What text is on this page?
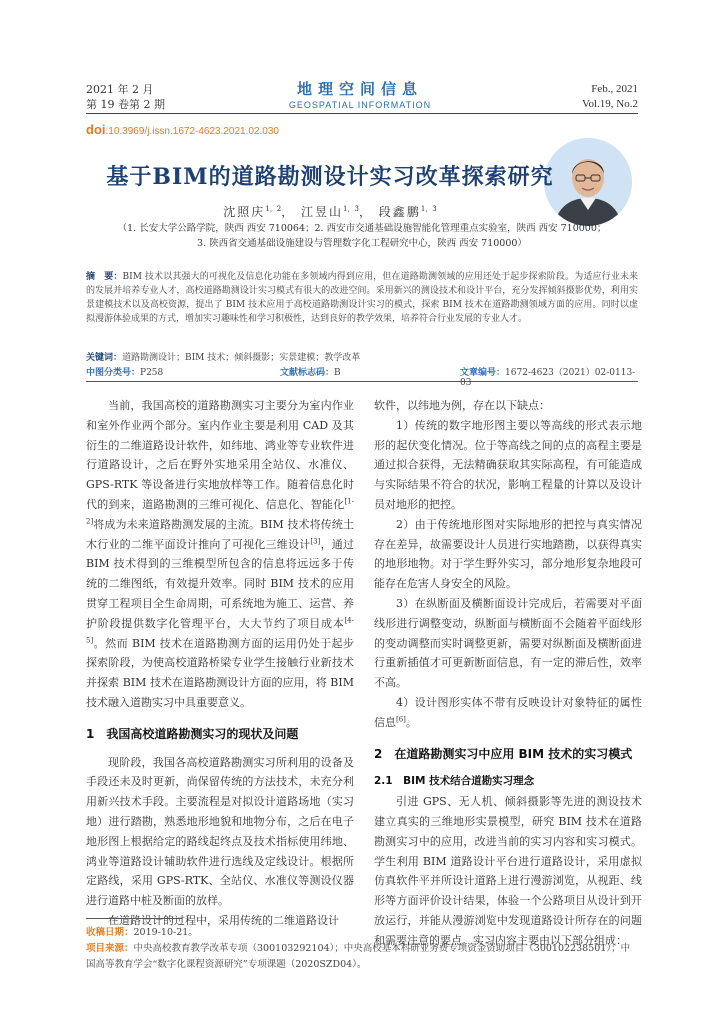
2021 年 2 月
第 19 卷第 2 期
地理空间信息
GEOSPATIAL INFORMATION
Feb., 2021
Vol.19, No.2
doi:10.3969/j.issn.1672-4623.2021.02.030
基于BIM的道路勘测设计实习改革探索研究
沈照庆$^{1,2}$， 江昱山$^{1,3}$， 段鑫鹏$^{1,3}$
（1. 长安大学公路学院，陕西 西安 710064；2. 西安市交通基础设施智能化管理重点实验室，陕西 西安 710000；
3. 陕西省交通基础设施建设与管理数字化工程研究中心，陕西 西安 710000）
摘　要：BIM 技术以其强大的可视化及信息化功能在多领域内得到应用，但在道路勘测领域的应用还处于起步探索阶段。为适应行业未来的发展并培养专业人才，高校道路勘测设计实习模式有很大的改进空间。采用新兴的测设技术和设计平台，充分发挥倾斜摄影优势，利用实景建模技术以及高校资源，提出了 BIM 技术应用于高校道路勘测设计实习的模式，探索 BIM 技术在道路勘测领域方面的应用。同时以虚拟漫游体验成果的方式，增加实习趣味性和学习积极性，达到良好的教学效果，培养符合行业发展的专业人才。
关键词：道路勘测设计；BIM 技术；倾斜摄影；实景建模；教学改革
中图分类号：P258	文献标志码：B	文章编号：1672-4623（2021）02-0113-03

当前，我国高校的道路勘测实习主要分为室内作业和室外作业两个部分。室内作业主要是利用 CAD 及其衍生的二维道路设计软件，如纬地、鸿业等专业软件进行道路设计，之后在野外实地采用全站仪、水准仪、GPS-RTK 等设备进行实地放样等工作。随着信息化时代的到来，道路勘测的三维可视化、信息化、智能化[1-2]将成为未来道路勘测发展的主流。BIM 技术将传统土木行业的二维平面设计推向了可视化三维设计[3]，通过 BIM 技术得到的三维模型所包含的信息将远远多于传统的二维图纸，有效提升效率。同时 BIM 技术的应用贯穿工程项目全生命周期，可系统地为施工、运营、养护阶段提供数字化管理平台，大大节约了项目成本[4-5]。然而 BIM 技术在道路勘测方面的运用仍处于起步探索阶段，为使高校道路桥梁专业学生接触行业新技术并探索 BIM 技术在道路勘测设计方面的应用，将 BIM 技术融入道勘实习中具重要意义。

1　我国高校道路勘测实习的现状及问题

现阶段，我国各高校道路勘测实习所利用的设备及手段还未及时更新，尚保留传统的方法技术，未充分利用新兴技术手段。主要流程是对拟设计道路场地（实习地）进行踏勘，熟悉地形地貌和地物分布，之后在电子地形图上根据给定的路线起终点及技术指标使用纬地、鸿业等道路设计辅助软件进行选线及定线设计。根据所定路线，采用 GPS-RTK、全站仪、水准仪等测设仪器进行道路中桩及断面的放样。

在道路设计的过程中，采用传统的二维道路设计

软件，以纬地为例，存在以下缺点：

1）传统的数字地形图主要以等高线的形式表示地形的起伏变化情况。位于等高线之间的点的高程主要是通过拟合获得，无法精确获取其实际高程，有可能造成与实际结果不符合的状况，影响工程量的计算以及设计员对地形的把控。

2）由于传统地形图对实际地形的把控与真实情况存在差异，故需要设计人员进行实地踏勘，以获得真实的地形地物。对于学生野外实习，部分地形复杂地段可能存在危害人身安全的风险。

3）在纵断面及横断面设计完成后，若需要对平面线形进行调整变动，纵断面与横断面不会随着平面线形的变动调整而实时调整更新，需要对纵断面及横断面进行重新插值才可更新断面信息，有一定的滞后性，效率不高。

4）设计图形实体不带有反映设计对象特征的属性信息[6]。

2　在道路勘测实习中应用 BIM 技术的实习模式

2.1　BIM 技术结合道勘实习理念

引进 GPS、无人机、倾斜摄影等先进的测设技术建立真实的三维地形实景模型，研究 BIM 技术在道路勘测实习中的应用，改进当前的实习内容和实习模式。学生利用 BIM 道路设计平台进行道路设计，采用虚拟仿真软件平并所设计道路上进行漫游浏览，从视距、线形等方面评价设计结果，体验一个公路项目从设计到开放运行，并能从漫游浏览中发现道路设计所存在的问题和需要注意的要点。实习内容主要由以下部分组成：

收稿日期：2019-10-21。
项目来源：中央高校教育教学改革专项（300103292104）；中央高校基本科研业务费专项资金资助项目（300102238501）；中国高等教育学会“数字化课程资源研究”专项课题（2020SZD04）。
